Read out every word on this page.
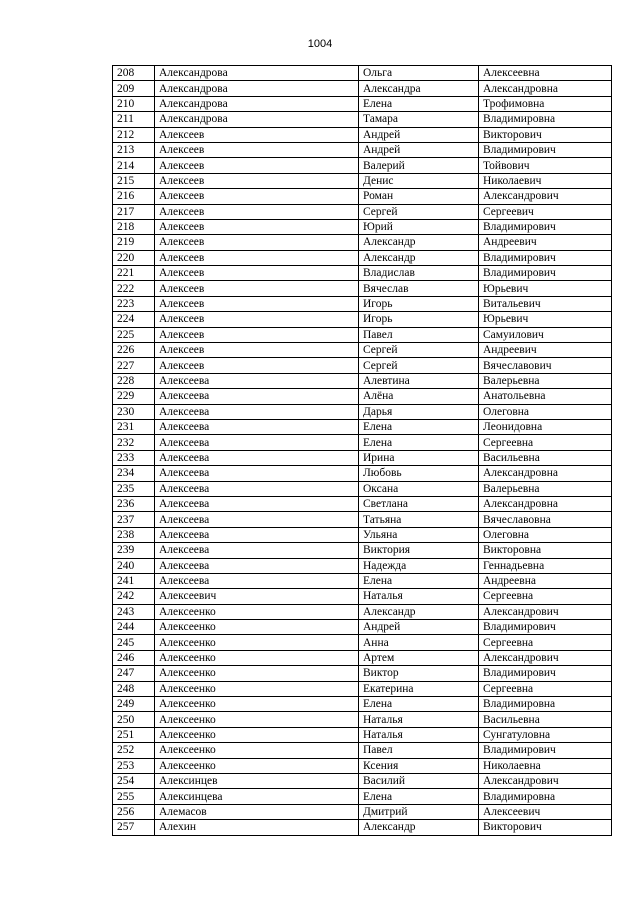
1004
208	Александрова	Ольга	Алексеевна
209	Александрова	Александра	Александровна
210	Александрова	Елена	Трофимовна
211	Александрова	Тамара	Владимировна
212	Алексеев	Андрей	Викторович
213	Алексеев	Андрей	Владимирович
214	Алексеев	Валерий	Тойвович
215	Алексеев	Денис	Николаевич
216	Алексеев	Роман	Александрович
217	Алексеев	Сергей	Сергеевич
218	Алексеев	Юрий	Владимирович
219	Алексеев	Александр	Андреевич
220	Алексеев	Александр	Владимирович
221	Алексеев	Владислав	Владимирович
222	Алексеев	Вячеслав	Юрьевич
223	Алексеев	Игорь	Витальевич
224	Алексеев	Игорь	Юрьевич
225	Алексеев	Павел	Самуилович
226	Алексеев	Сергей	Андреевич
227	Алексеев	Сергей	Вячеславович
228	Алексеева	Алевтина	Валерьевна
229	Алексеева	Алёна	Анатольевна
230	Алексеева	Дарья	Олеговна
231	Алексеева	Елена	Леонидовна
232	Алексеева	Елена	Сергеевна
233	Алексеева	Ирина	Васильевна
234	Алексеева	Любовь	Александровна
235	Алексеева	Оксана	Валерьевна
236	Алексеева	Светлана	Александровна
237	Алексеева	Татьяна	Вячеславовна
238	Алексеева	Ульяна	Олеговна
239	Алексеева	Виктория	Викторовна
240	Алексеева	Надежда	Геннадьевна
241	Алексеева	Елена	Андреевна
242	Алексеевич	Наталья	Сергеевна
243	Алексеенко	Александр	Александрович
244	Алексеенко	Андрей	Владимирович
245	Алексеенко	Анна	Сергеевна
246	Алексеенко	Артем	Александрович
247	Алексеенко	Виктор	Владимирович
248	Алексеенко	Екатерина	Сергеевна
249	Алексеенко	Елена	Владимировна
250	Алексеенко	Наталья	Васильевна
251	Алексеенко	Наталья	Сунгатуловна
252	Алексеенко	Павел	Владимирович
253	Алексеенко	Ксения	Николаевна
254	Алексинцев	Василий	Александрович
255	Алексинцева	Елена	Владимировна
256	Алемасов	Дмитрий	Алексеевич
257	Алехин	Александр	Викторович
